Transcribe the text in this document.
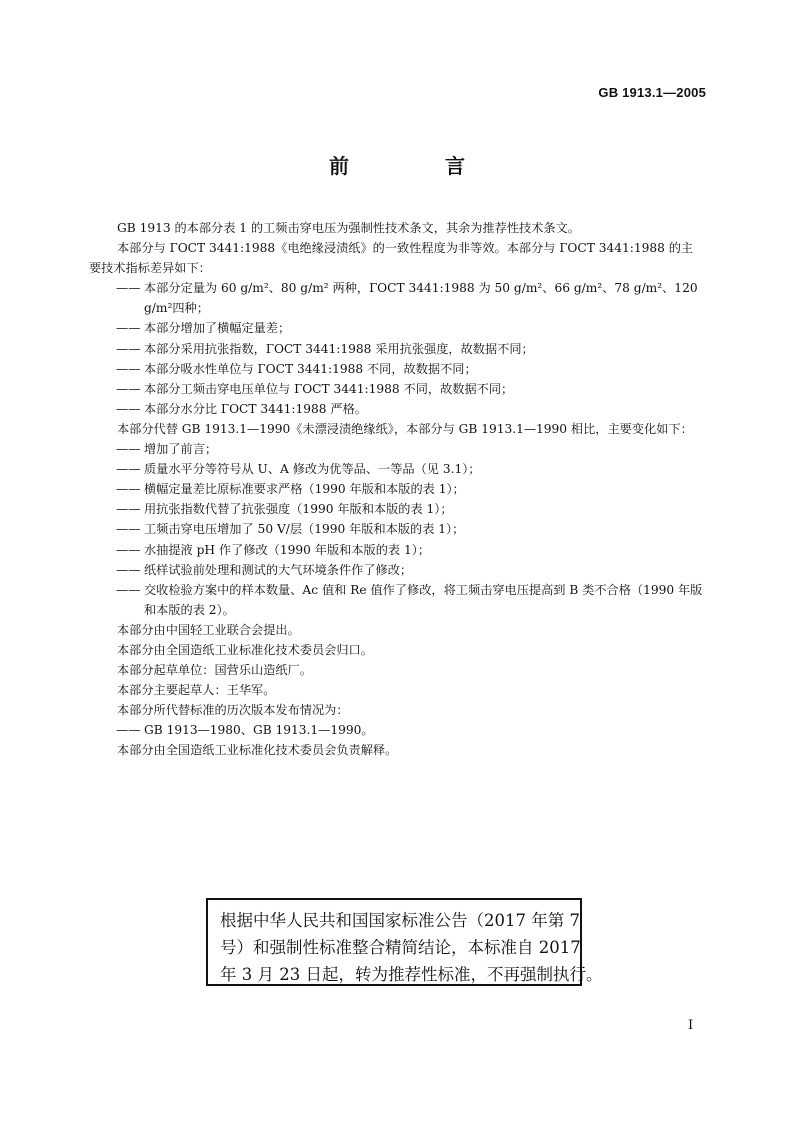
GB 1913.1—2005
前　言
GB 1913 的本部分表 1 的工频击穿电压为强制性技术条文，其余为推荐性技术条文。
本部分与 ГOCT 3441:1988《电绝缘浸渍纸》的一致性程度为非等效。本部分与 ГOCT 3441:1988 的主要技术指标差异如下：
—— 本部分定量为 60 g/m²、80 g/m² 两种，ГOCT 3441:1988 为 50 g/m²、66 g/m²、78 g/m²、120 g/m²四种；
—— 本部分增加了横幅定量差；
—— 本部分采用抗张指数，ГOCT 3441:1988 采用抗张强度，故数据不同；
—— 本部分吸水性单位与 ГOCT 3441:1988 不同，故数据不同；
—— 本部分工频击穿电压单位与 ГOCT 3441:1988 不同，故数据不同；
—— 本部分水分比 ГOCT 3441:1988 严格。
本部分代替 GB 1913.1—1990《未漂浸渍绝缘纸》，本部分与 GB 1913.1—1990 相比，主要变化如下：
—— 增加了前言；
—— 质量水平分等符号从 U、A 修改为优等品、一等品（见 3.1）；
—— 横幅定量差比原标准要求严格（1990 年版和本版的表 1）；
—— 用抗张指数代替了抗张强度（1990 年版和本版的表 1）；
—— 工频击穿电压增加了 50 V/层（1990 年版和本版的表 1）；
—— 水抽提液 pH 作了修改（1990 年版和本版的表 1）；
—— 纸样试验前处理和测试的大气环境条件作了修改；
—— 交收检验方案中的样本数量、Ac 值和 Re 值作了修改，将工频击穿电压提高到 B 类不合格（1990 年版和本版的表 2）。
本部分由中国轻工业联合会提出。
本部分由全国造纸工业标准化技术委员会归口。
本部分起草单位：国营乐山造纸厂。
本部分主要起草人：王华军。
本部分所代替标准的历次版本发布情况为：
—— GB 1913—1980、GB 1913.1—1990。
本部分由全国造纸工业标准化技术委员会负责解释。
根据中华人民共和国国家标准公告（2017 年第 7
号）和强制性标准整合精简结论，本标准自 2017
年 3 月 23 日起，转为推荐性标准，不再强制执行。
I
